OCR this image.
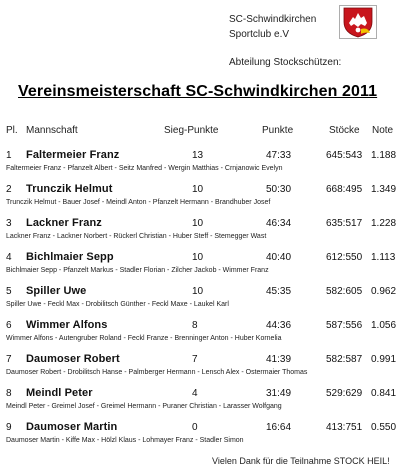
SC-Schwindkirchen
Sportclub e.V
Abteilung Stockschützen:
Vereinsmeisterschaft SC-Schwindkirchen 2011
Pl. Mannschaft	Sieg-Punkte	Punkte	Stöcke Note
1 Faltermeier Franz	13	47:33	645:543 1.188
Faltermeier Franz - Pfanzelt Albert - Seitz Manfred - Wergin Matthias - Crnjanowic Evelyn
2 Trunczik Helmut	10	50:30	668:495 1.349
Trunczik Helmut - Bauer Josef - Meindl Anton - Pfanzelt Hermann - Brandhuber Josef
3 Lackner Franz	10	46:34	635:517 1.228
Lackner Franz - Lackner Norbert - Rückerl Christian - Huber Steff - Stemegger Wast
4 Bichlmaier Sepp	10	40:40	612:550 1.113
Bichlmaier Sepp - Pfanzelt Markus - Stadler Florian - Zilcher Jackob - Wimmer Franz
5 Spiller Uwe	10	45:35	582:605 0.962
Spiller Uwe - Feckl Max - Drobilitsch Günther - Feckl Maxe - Laukel Karl
6 Wimmer Alfons	8	44:36	587:556 1.056
Wimmer Alfons - Autengruber Roland - Feckl Franze - Brenninger Anton - Huber Kornelia
7 Daumoser Robert	7	41:39	582:587 0.991
Daumoser Robert - Drobilitsch Hanse - Palmberger Hermann - Lensch Alex - Ostermaier Thomas
8 Meindl Peter	4	31:49	529:629 0.841
Meindl Peter - Greimel Josef - Greimel Hermann - Puraner Christian - Larasser Wolfgang
9 Daumoser Martin	0	16:64	413:751 0.550
Daumoser Martin - Kiffe Max - Hölzl Klaus - Lohmayer Franz - Stadler Simon
Vielen Dank für die Teilnahme STOCK HEIL!
